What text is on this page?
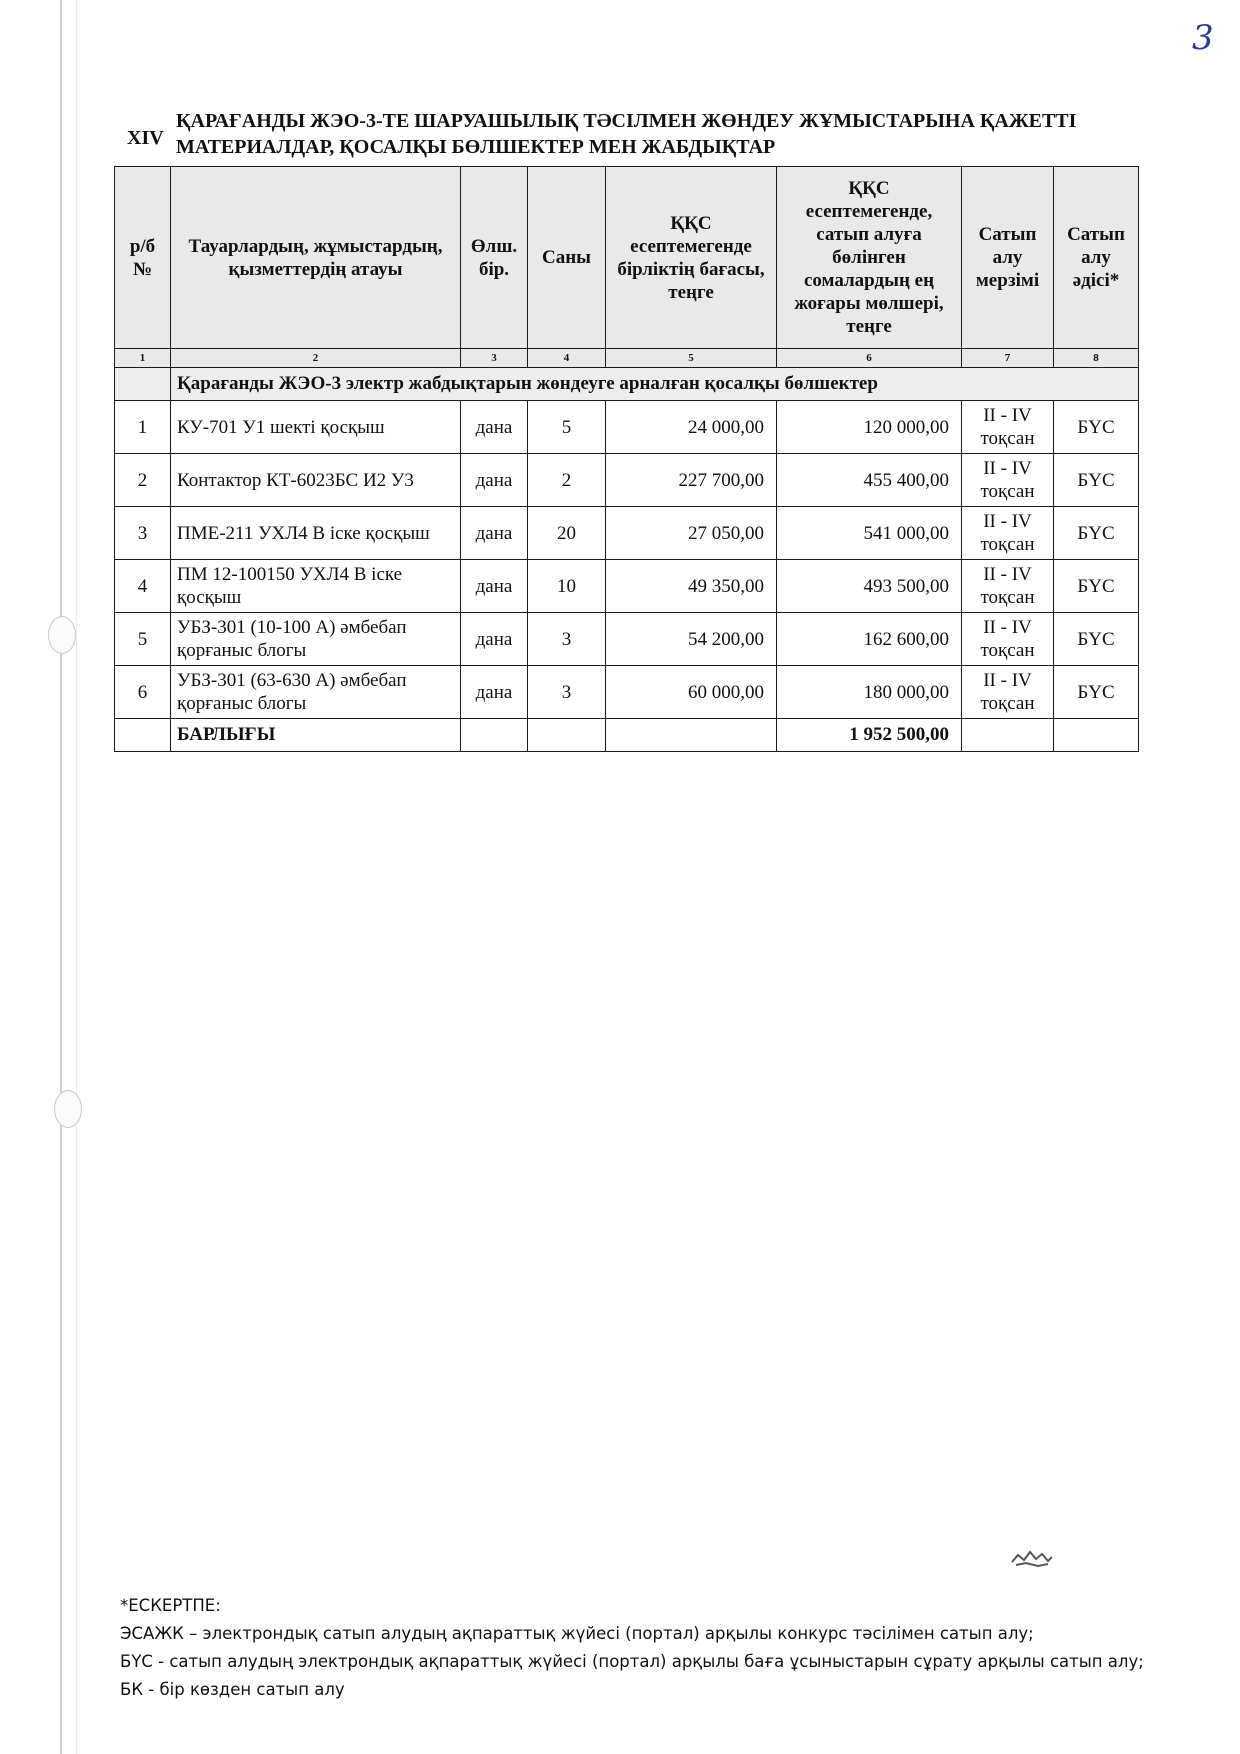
3
XIV
ҚАРАҒАНДЫ ЖЭО-3-ТЕ ШАРУАШЫЛЫҚ ТӘСІЛМЕН ЖӨНДЕУ ЖҰМЫСТАРЫНА ҚАЖЕТТІ МАТЕРИАЛДАР, ҚОСАЛҚЫ БӨЛШЕКТЕР МЕН ЖАБДЫҚТАР
р/б №	Тауарлардың, жұмыстардың, қызметтердің атауы	Өлш. бір.	Саны	ҚҚС есептемегенде бірліктің бағасы, теңге	ҚҚС есептемегенде, сатып алуға бөлінген сомалардың ең жоғары мөлшері, теңге	Сатып алу мерзімі	Сатып алу әдісі*
1	2	3	4	5	6	7	8
	Қарағанды ЖЭО-3 электр жабдықтарын жөндеуге арналған қосалқы бөлшектер						
1	КУ-701 У1 шекті қосқыш	дана	5	24 000,00	120 000,00	II - IV тоқсан	БҮС
2	Контактор КТ-6023БС И2 У3	дана	2	227 700,00	455 400,00	II - IV тоқсан	БҮС
3	ПМЕ-211 УХЛ4 В іске қосқыш	дана	20	27 050,00	541 000,00	II - IV тоқсан	БҮС
4	ПМ 12-100150 УХЛ4 В іске қосқыш	дана	10	49 350,00	493 500,00	II - IV тоқсан	БҮС
5	УБЗ-301 (10-100 А) әмбебап қорғаныс блогы	дана	3	54 200,00	162 600,00	II - IV тоқсан	БҮС
6	УБЗ-301 (63-630 А) әмбебап қорғаныс блогы	дана	3	60 000,00	180 000,00	II - IV тоқсан	БҮС
	БАРЛЫҒЫ				1 952 500,00		
*ЕСКЕРТПЕ:
ЭСАЖК – электрондық сатып алудың ақпараттық жүйесі (портал) арқылы конкурс тәсілімен сатып алу;
БҮС - сатып алудың электрондық ақпараттық жүйесі (портал) арқылы баға ұсыныстарын сұрату арқылы сатып алу;
БК - бір көзден сатып алу
